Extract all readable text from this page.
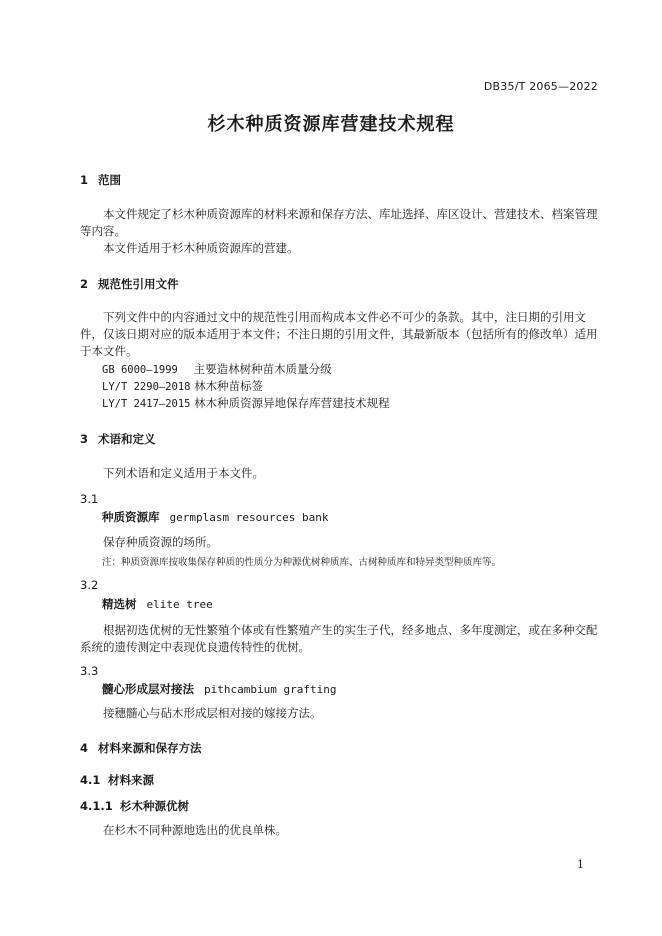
DB35/T 2065—2022
杉木种质资源库营建技术规程
1 范围
本文件规定了杉木种质资源库的材料来源和保存方法、库址选择、库区设计、营建技术、档案管理等内容。
本文件适用于杉木种质资源库的营建。
2 规范性引用文件
下列文件中的内容通过文中的规范性引用而构成本文件必不可少的条款。其中，注日期的引用文件，仅该日期对应的版本适用于本文件；不注日期的引用文件，其最新版本（包括所有的修改单）适用于本文件。
GB 6000—1999 主要造林树种苗木质量分级
LY/T 2290—2018 林木种苗标签
LY/T 2417—2015 林木种质资源异地保存库营建技术规程
3 术语和定义
下列术语和定义适用于本文件。
3.1
种质资源库 germplasm resources bank
保存种质资源的场所。
注：种质资源库按收集保存种质的性质分为种源优树种质库、古树种质库和特异类型种质库等。
3.2
精选树 elite tree
根据初选优树的无性繁殖个体或有性繁殖产生的实生子代，经多地点、多年度测定，或在多种交配系统的遗传测定中表现优良遗传特性的优树。
3.3
髓心形成层对接法 pithcambium grafting
接穗髓心与砧木形成层相对接的嫁接方法。
4 材料来源和保存方法
4.1 材料来源
4.1.1 杉木种源优树
在杉木不同种源地选出的优良单株。
1
